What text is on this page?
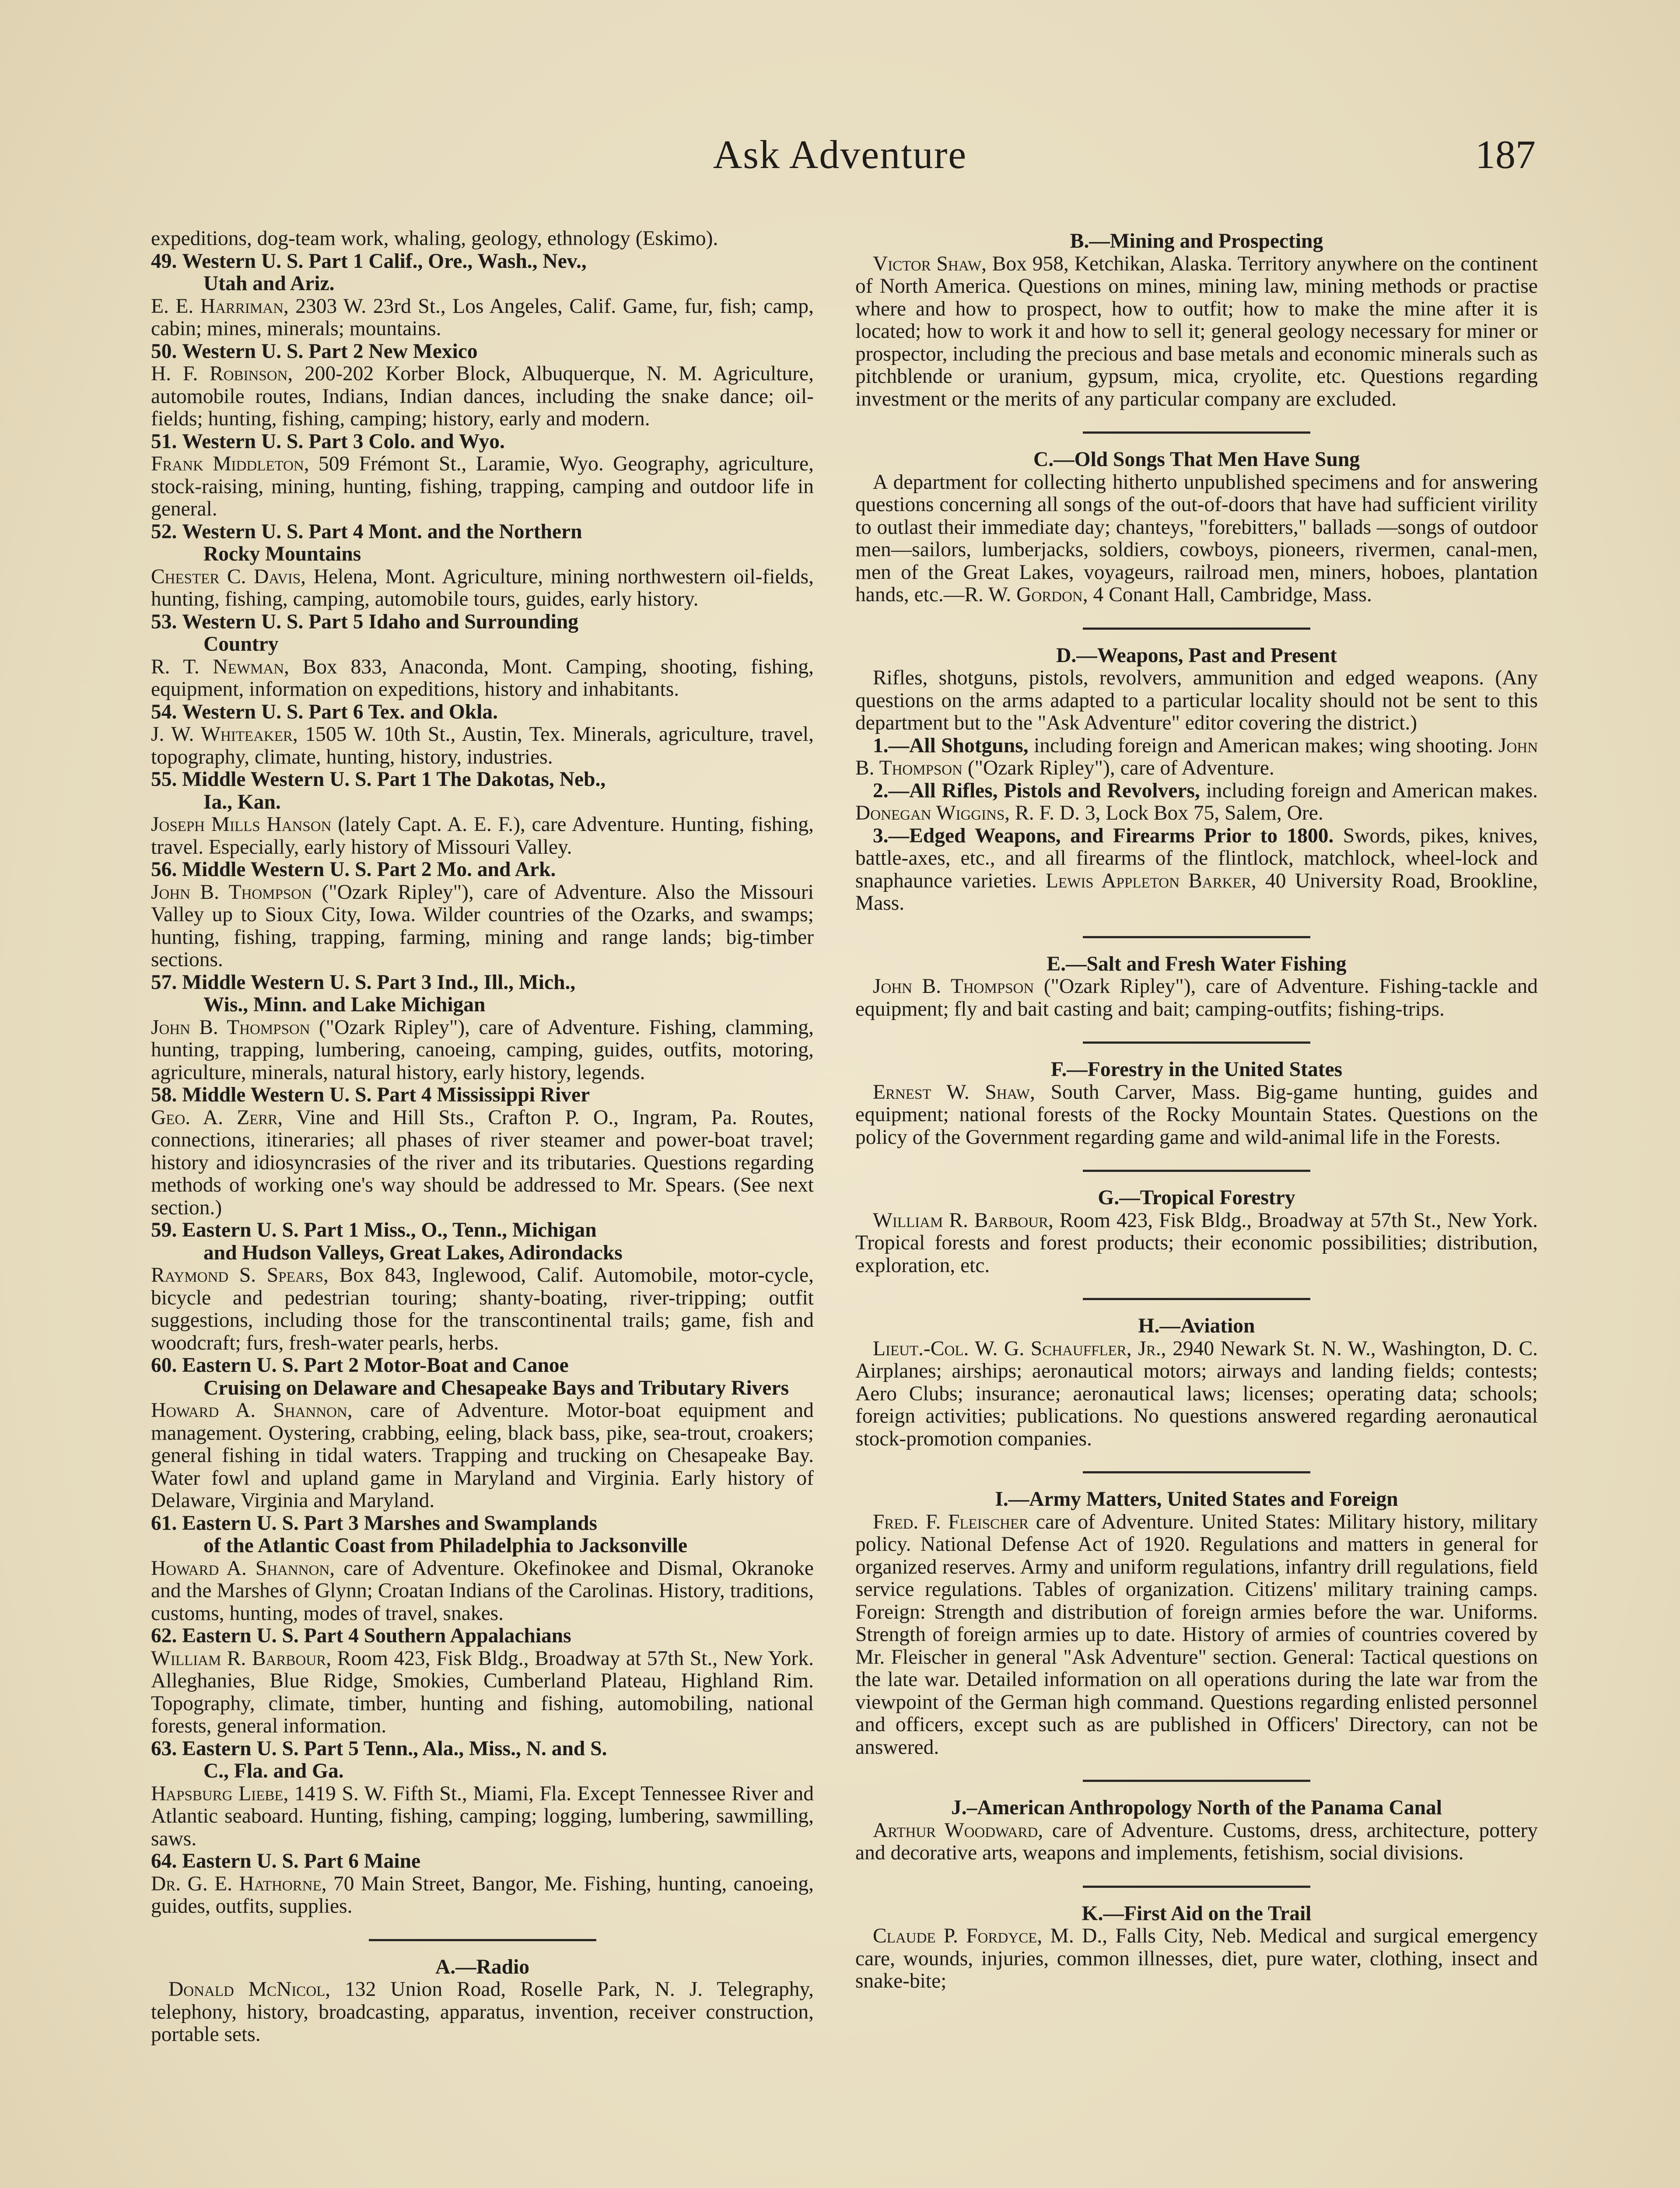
Ask Adventure	187
expeditions, dog-team work, whaling, geology, ethnology (Eskimo).
49. Western U. S. Part 1 Calif., Ore., Wash., Nev.,
Utah and Ariz.
E. E. Harriman, 2303 W. 23rd St., Los Angeles, Calif. Game, fur, fish; camp, cabin; mines, minerals; mountains.
50. Western U. S. Part 2 New Mexico
H. F. Robinson, 200-202 Korber Block, Albuquerque, N. M. Agriculture, automobile routes, Indians, Indian dances, including the snake dance; oil-fields; hunting, fishing, camping; history, early and modern.
51. Western U. S. Part 3 Colo. and Wyo.
Frank Middleton, 509 Frémont St., Laramie, Wyo. Geography, agriculture, stock-raising, mining, hunting, fishing, trapping, camping and outdoor life in general.
52. Western U. S. Part 4 Mont. and the Northern
Rocky Mountains
Chester C. Davis, Helena, Mont. Agriculture, mining northwestern oil-fields, hunting, fishing, camping, automobile tours, guides, early history.
53. Western U. S. Part 5 Idaho and Surrounding
Country
R. T. Newman, Box 833, Anaconda, Mont. Camping, shooting, fishing, equipment, information on expeditions, history and inhabitants.
54. Western U. S. Part 6 Tex. and Okla.
J. W. Whiteaker, 1505 W. 10th St., Austin, Tex. Minerals, agriculture, travel, topography, climate, hunting, history, industries.
55. Middle Western U. S. Part 1 The Dakotas, Neb.,
Ia., Kan.
Joseph Mills Hanson (lately Capt. A. E. F.), care Adventure. Hunting, fishing, travel. Especially, early history of Missouri Valley.
56. Middle Western U. S. Part 2 Mo. and Ark.
John B. Thompson ("Ozark Ripley"), care of Adventure. Also the Missouri Valley up to Sioux City, Iowa. Wilder countries of the Ozarks, and swamps; hunting, fishing, trapping, farming, mining and range lands; big-timber sections.
57. Middle Western U. S. Part 3 Ind., Ill., Mich.,
Wis., Minn. and Lake Michigan
John B. Thompson ("Ozark Ripley"), care of Adventure. Fishing, clamming, hunting, trapping, lumbering, canoeing, camping, guides, outfits, motoring, agriculture, minerals, natural history, early history, legends.
58. Middle Western U. S. Part 4 Mississippi River
Geo. A. Zerr, Vine and Hill Sts., Crafton P. O., Ingram, Pa. Routes, connections, itineraries; all phases of river steamer and power-boat travel; history and idiosyncrasies of the river and its tributaries. Questions regarding methods of working one's way should be addressed to Mr. Spears. (See next section.)
59. Eastern U. S. Part 1 Miss., O., Tenn., Michigan
and Hudson Valleys, Great Lakes, Adirondacks
Raymond S. Spears, Box 843, Inglewood, Calif. Automobile, motor-cycle, bicycle and pedestrian touring; shanty-boating, river-tripping; outfit suggestions, including those for the transcontinental trails; game, fish and woodcraft; furs, fresh-water pearls, herbs.
60. Eastern U. S. Part 2 Motor-Boat and Canoe
Cruising on Delaware and Chesapeake Bays and Tributary Rivers
Howard A. Shannon, care of Adventure. Motor-boat equipment and management. Oystering, crabbing, eeling, black bass, pike, sea-trout, croakers; general fishing in tidal waters. Trapping and trucking on Chesapeake Bay. Water fowl and upland game in Maryland and Virginia. Early history of Delaware, Virginia and Maryland.
61. Eastern U. S. Part 3 Marshes and Swamplands
of the Atlantic Coast from Philadelphia to Jacksonville
Howard A. Shannon, care of Adventure. Okefinokee and Dismal, Okranoke and the Marshes of Glynn; Croatan Indians of the Carolinas. History, traditions, customs, hunting, modes of travel, snakes.
62. Eastern U. S. Part 4 Southern Appalachians
William R. Barbour, Room 423, Fisk Bldg., Broadway at 57th St., New York. Alleghanies, Blue Ridge, Smokies, Cumberland Plateau, Highland Rim. Topography, climate, timber, hunting and fishing, automobiling, national forests, general information.
63. Eastern U. S. Part 5 Tenn., Ala., Miss., N. and S.
C., Fla. and Ga.
Hapsburg Liebe, 1419 S. W. Fifth St., Miami, Fla. Except Tennessee River and Atlantic seaboard. Hunting, fishing, camping; logging, lumbering, sawmilling, saws.
64. Eastern U. S. Part 6 Maine
Dr. G. E. Hathorne, 70 Main Street, Bangor, Me. Fishing, hunting, canoeing, guides, outfits, supplies.
A.—Radio
Donald McNicol, 132 Union Road, Roselle Park, N. J. Telegraphy, telephony, history, broadcasting, apparatus, invention, receiver construction, portable sets.
B.—Mining and Prospecting
Victor Shaw, Box 958, Ketchikan, Alaska. Territory anywhere on the continent of North America. Questions on mines, mining law, mining methods or practise where and how to prospect, how to outfit; how to make the mine after it is located; how to work it and how to sell it; general geology necessary for miner or prospector, including the precious and base metals and economic minerals such as pitchblende or uranium, gypsum, mica, cryolite, etc. Questions regarding investment or the merits of any particular company are excluded.
C.—Old Songs That Men Have Sung
A department for collecting hitherto unpublished specimens and for answering questions concerning all songs of the out-of-doors that have had sufficient virility to outlast their immediate day; chanteys, "forebitters," ballads —songs of outdoor men—sailors, lumberjacks, soldiers, cowboys, pioneers, rivermen, canal-men, men of the Great Lakes, voyageurs, railroad men, miners, hoboes, plantation hands, etc.—R. W. Gordon, 4 Conant Hall, Cambridge, Mass.
D.—Weapons, Past and Present
Rifles, shotguns, pistols, revolvers, ammunition and edged weapons. (Any questions on the arms adapted to a particular locality should not be sent to this department but to the "Ask Adventure" editor covering the district.)
1.—All Shotguns, including foreign and American makes; wing shooting. John B. Thompson ("Ozark Ripley"), care of Adventure.
2.—All Rifles, Pistols and Revolvers, including foreign and American makes. Donegan Wiggins, R. F. D. 3, Lock Box 75, Salem, Ore.
3.—Edged Weapons, and Firearms Prior to 1800. Swords, pikes, knives, battle-axes, etc., and all firearms of the flintlock, matchlock, wheel-lock and snaphaunce varieties. Lewis Appleton Barker, 40 University Road, Brookline, Mass.
E.—Salt and Fresh Water Fishing
John B. Thompson ("Ozark Ripley"), care of Adventure. Fishing-tackle and equipment; fly and bait casting and bait; camping-outfits; fishing-trips.
F.—Forestry in the United States
Ernest W. Shaw, South Carver, Mass. Big-game hunting, guides and equipment; national forests of the Rocky Mountain States. Questions on the policy of the Government regarding game and wild-animal life in the Forests.
G.—Tropical Forestry
William R. Barbour, Room 423, Fisk Bldg., Broadway at 57th St., New York. Tropical forests and forest products; their economic possibilities; distribution, exploration, etc.
H.—Aviation
Lieut.-Col. W. G. Schauffler, Jr., 2940 Newark St. N. W., Washington, D. C. Airplanes; airships; aeronautical motors; airways and landing fields; contests; Aero Clubs; insurance; aeronautical laws; licenses; operating data; schools; foreign activities; publications. No questions answered regarding aeronautical stock-promotion companies.
I.—Army Matters, United States and Foreign
Fred. F. Fleischer care of Adventure. United States: Military history, military policy. National Defense Act of 1920. Regulations and matters in general for organized reserves. Army and uniform regulations, infantry drill regulations, field service regulations. Tables of organization. Citizens' military training camps. Foreign: Strength and distribution of foreign armies before the war. Uniforms. Strength of foreign armies up to date. History of armies of countries covered by Mr. Fleischer in general "Ask Adventure" section. General: Tactical questions on the late war. Detailed information on all operations during the late war from the viewpoint of the German high command. Questions regarding enlisted personnel and officers, except such as are published in Officers' Directory, can not be answered.
J.–American Anthropology North of the Panama Canal
Arthur Woodward, care of Adventure. Customs, dress, architecture, pottery and decorative arts, weapons and implements, fetishism, social divisions.
K.—First Aid on the Trail
Claude P. Fordyce, M. D., Falls City, Neb. Medical and surgical emergency care, wounds, injuries, common illnesses, diet, pure water, clothing, insect and snake-bite;
